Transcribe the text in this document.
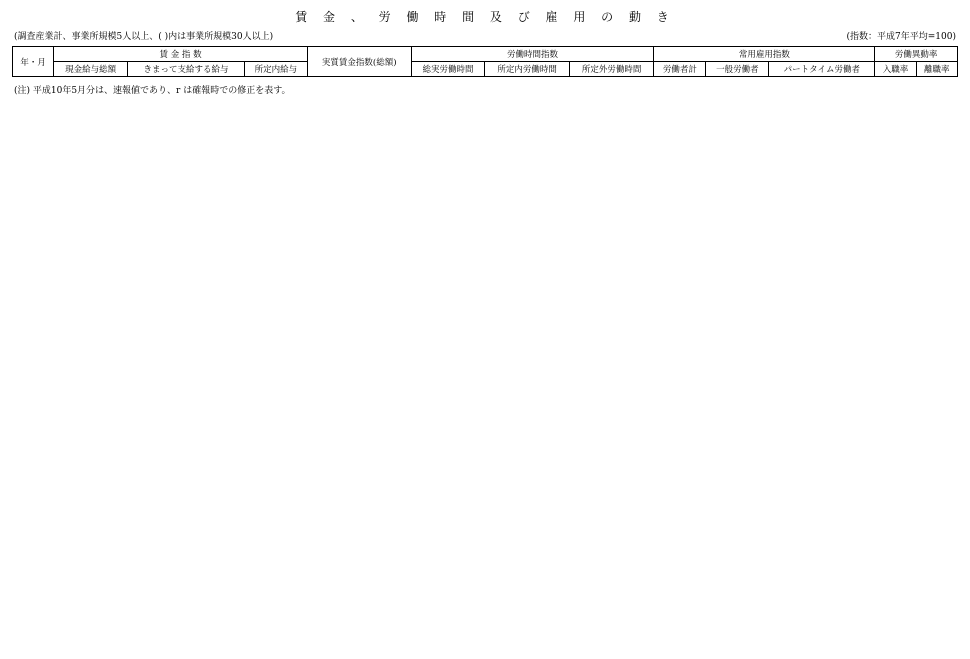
賃 金 、 労 働 時 間 及 び 雇 用 の 動 き
(調査産業計、事業所規模5人以上、( )内は事業所規模30人以上)	(指数：平成7年平均=100)
年・月	賃 金 指 数			実質賃金指数(総額)	労働時間指数			常用雇用指数			労働異動率	
	現金給与総額	きまって支給する給与	所定内給与		総実労働時間	所定内労働時間	所定外労働時間	労働者計	一般労働者	パートタイム労働者	入職率	離職率
(注) 平成10年5月分は、速報値であり、r は確報時での修正を表す。
